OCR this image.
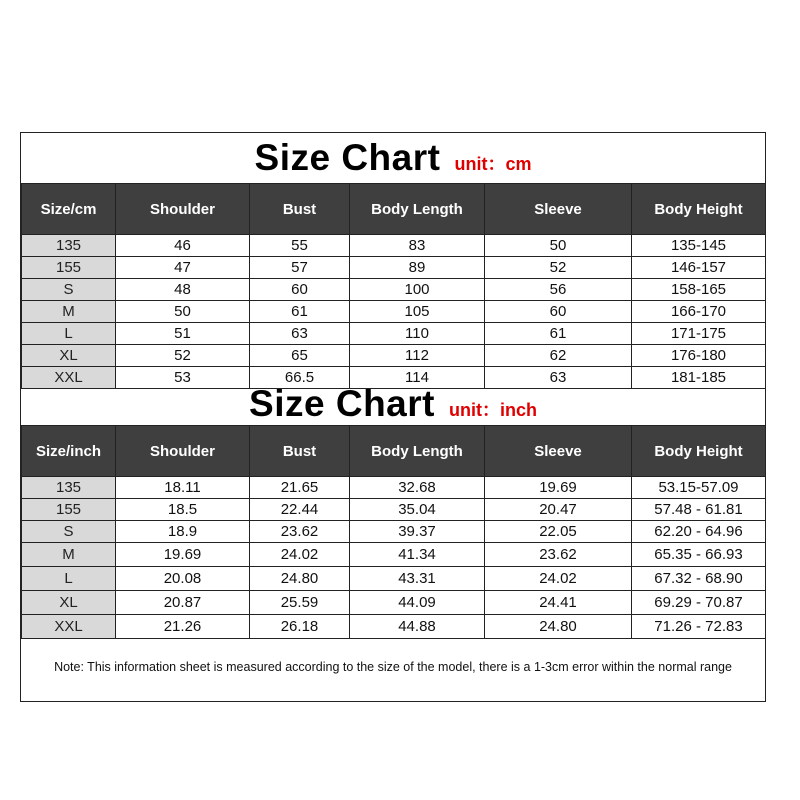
Size Chart unit：cm
Size/cm	Shoulder	Bust	Body Length	Sleeve	Body Height
135	46	55	83	50	135-145
155	47	57	89	52	146-157
S	48	60	100	56	158-165
M	50	61	105	60	166-170
L	51	63	110	61	171-175
XL	52	65	112	62	176-180
XXL	53	66.5	114	63	181-185
Size Chart unit：inch
Size/inch	Shoulder	Bust	Body Length	Sleeve	Body Height
135	18.11	21.65	32.68	19.69	53.15-57.09
155	18.5	22.44	35.04	20.47	57.48 - 61.81
S	18.9	23.62	39.37	22.05	62.20 - 64.96
M	19.69	24.02	41.34	23.62	65.35 - 66.93
L	20.08	24.80	43.31	24.02	67.32 - 68.90
XL	20.87	25.59	44.09	24.41	69.29 - 70.87
XXL	21.26	26.18	44.88	24.80	71.26 - 72.83
Note: This information sheet is measured according to the size of the model, there is a 1-3cm error within the normal range
